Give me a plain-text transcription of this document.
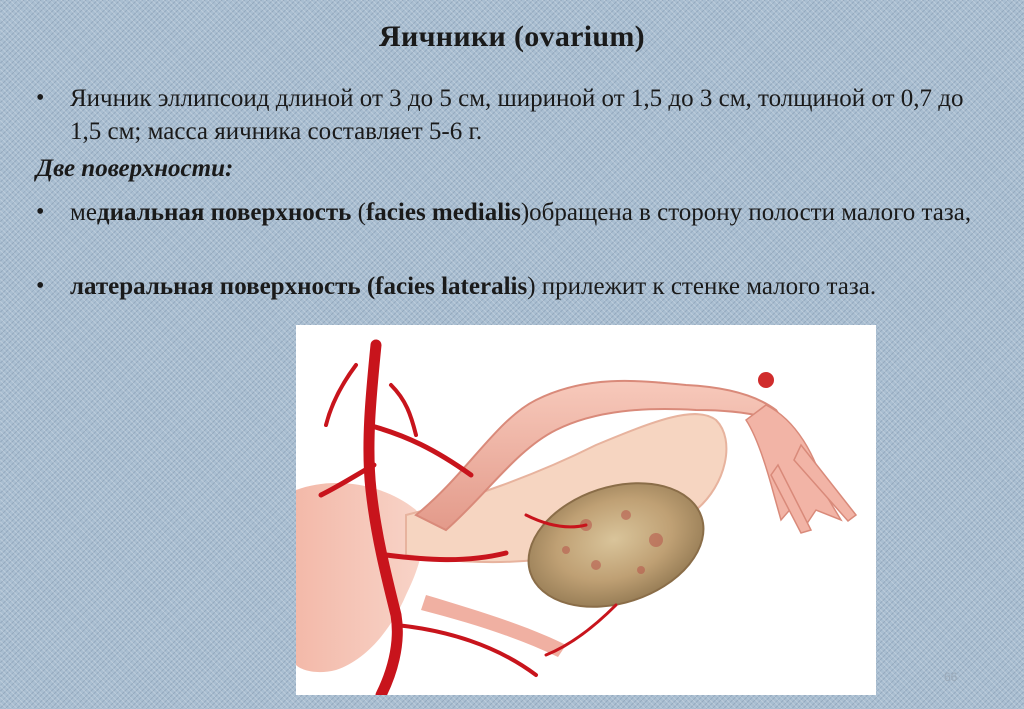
Яичники (ovarium)
• Яичник эллипсоид длиной от 3 до 5 см, шириной от 1,5 до 3 см, толщиной от 0,7 до 1,5 см; масса яичника составляет 5-6 г.
Две поверхности:
• медиальная поверхность (facies medialis)обращена в сторону полости малого таза,
• латеральная поверхность (facies lateralis) прилежит к стенке малого таза.
66
